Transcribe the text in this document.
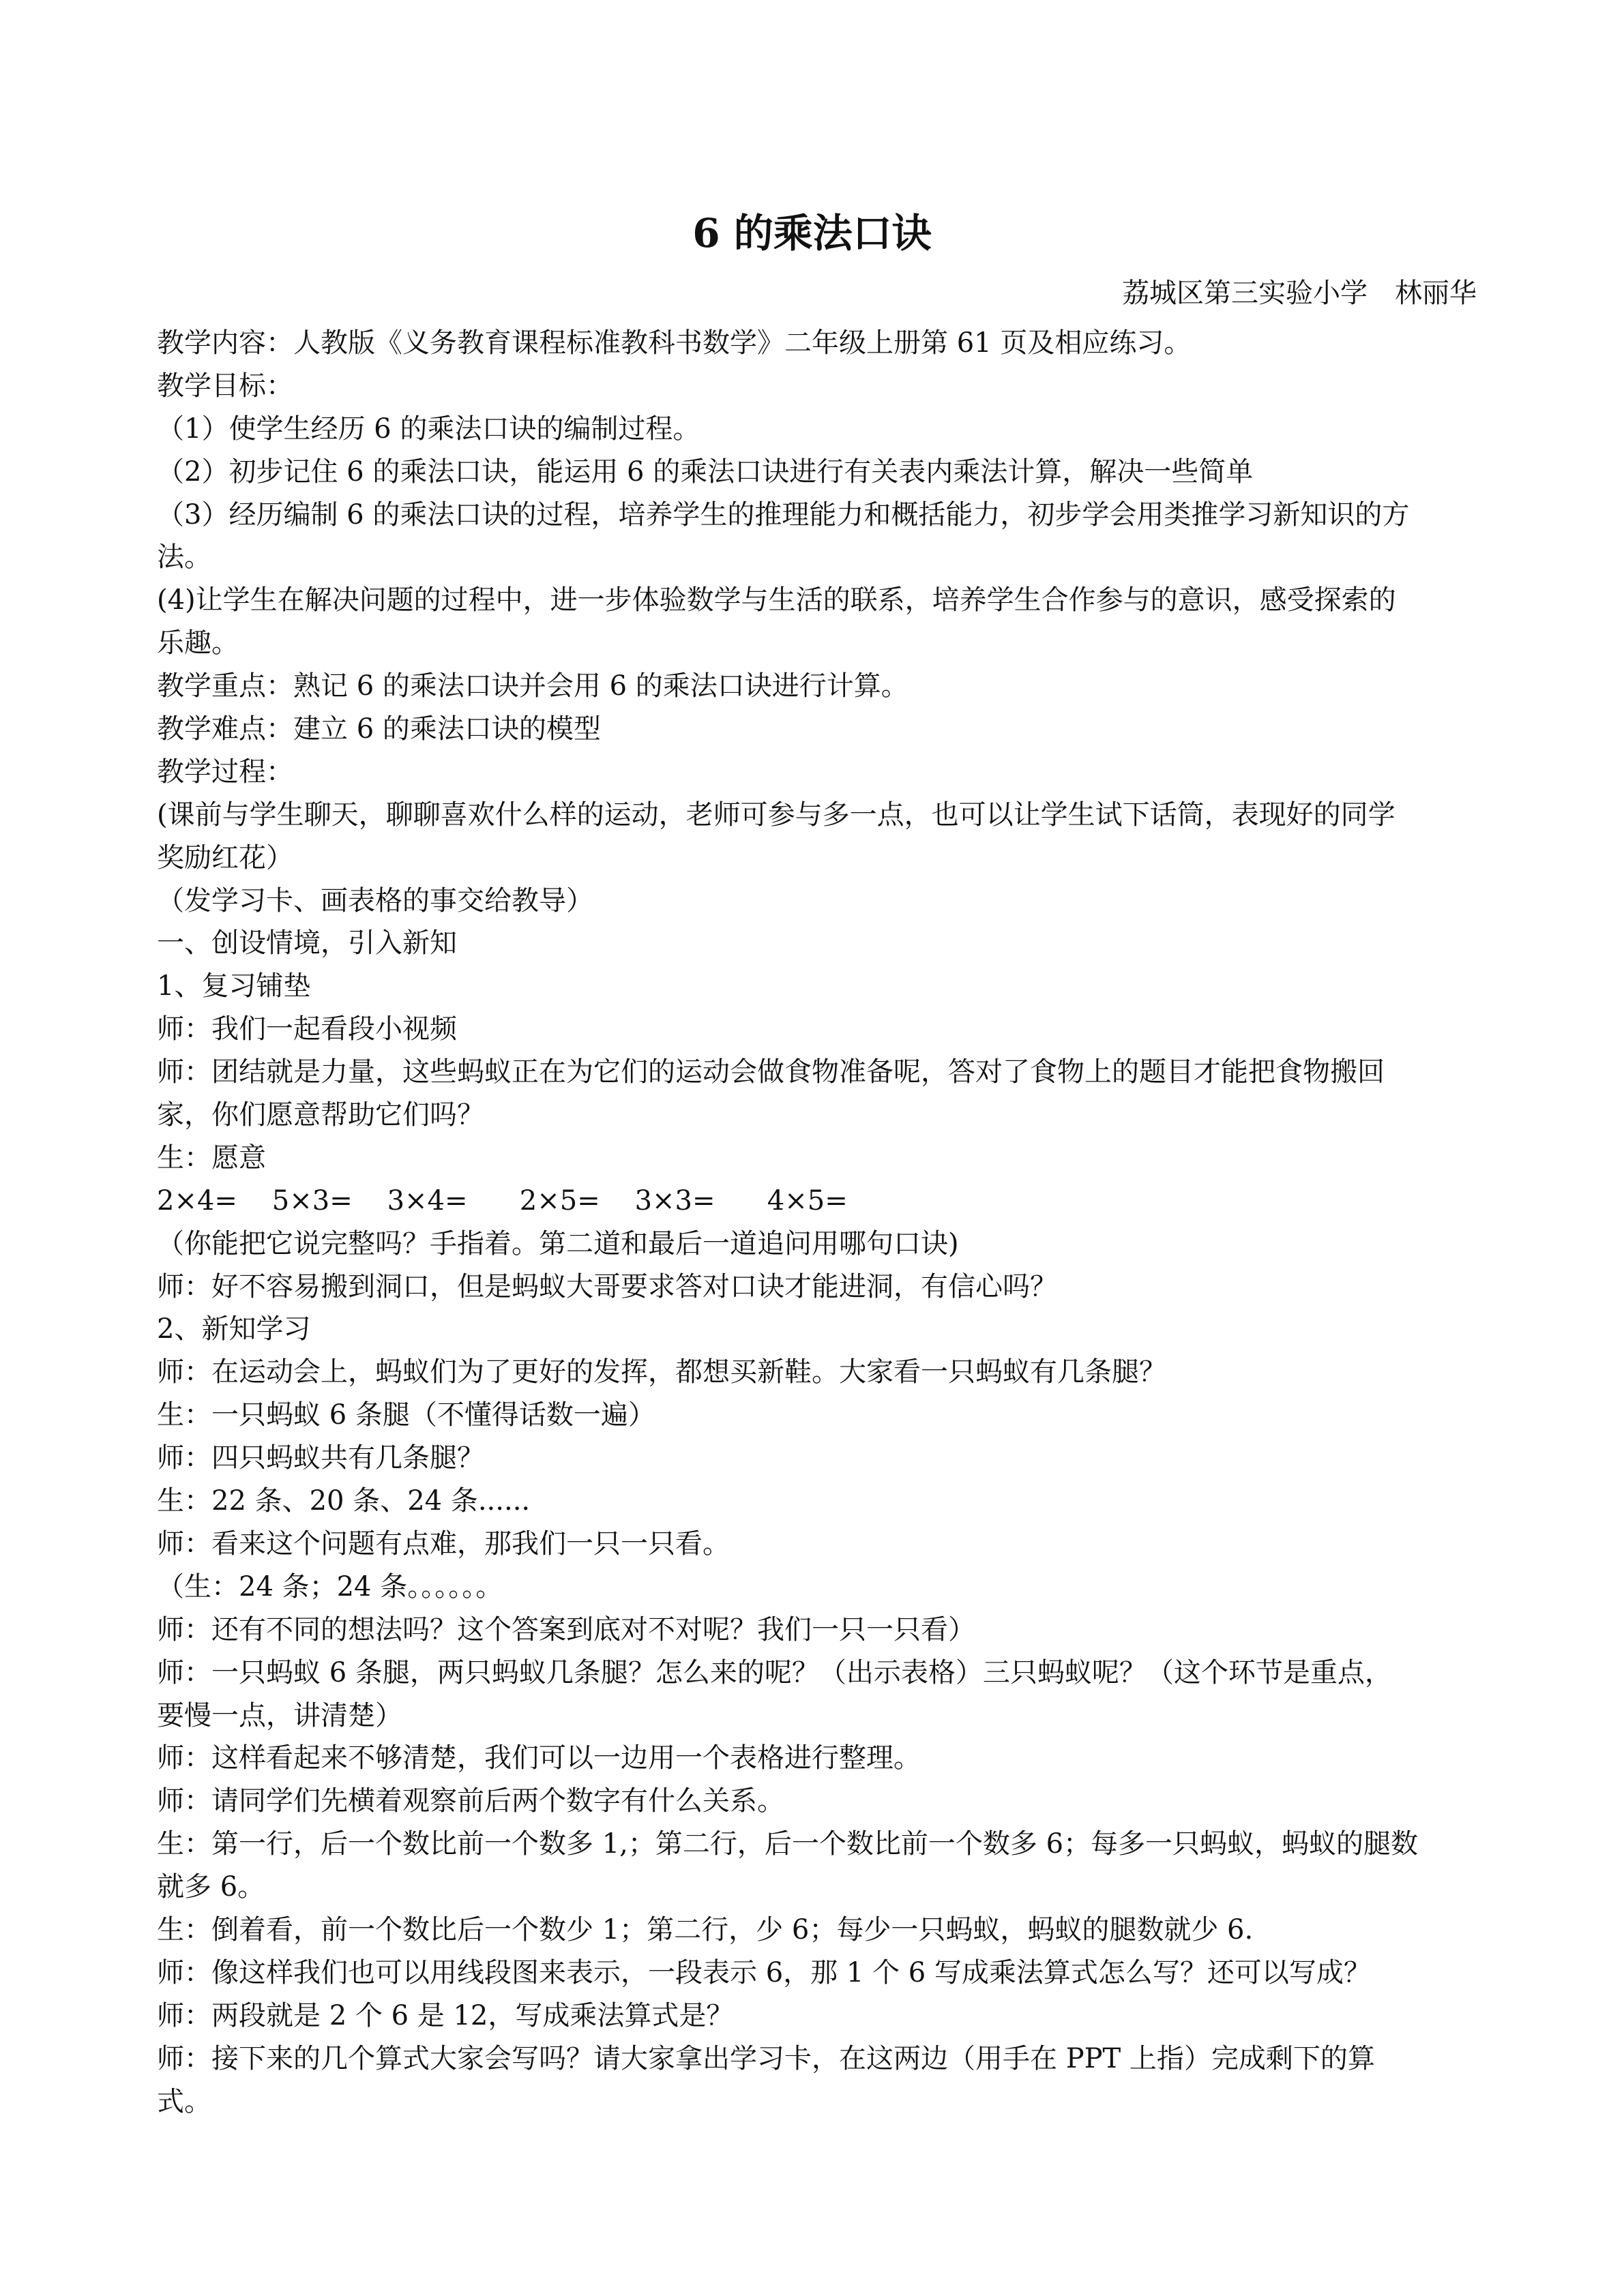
6 的乘法口诀
荔城区第三实验小学 林丽华
教学内容：人教版《义务教育课程标准教科书数学》二年级上册第 61 页及相应练习。
教学目标：
（1）使学生经历 6 的乘法口诀的编制过程。
（2）初步记住 6 的乘法口诀，能运用 6 的乘法口诀进行有关表内乘法计算，解决一些简单
（3）经历编制 6 的乘法口诀的过程，培养学生的推理能力和概括能力，初步学会用类推学习新知识的方
法。
(4)让学生在解决问题的过程中，进一步体验数学与生活的联系，培养学生合作参与的意识，感受探索的
乐趣。
教学重点：熟记 6 的乘法口诀并会用 6 的乘法口诀进行计算。
教学难点：建立 6 的乘法口诀的模型
教学过程：
(课前与学生聊天，聊聊喜欢什么样的运动，老师可参与多一点，也可以让学生试下话筒，表现好的同学
奖励红花）
（发学习卡、画表格的事交给教导）
一、创设情境，引入新知
1、复习铺垫
师：我们一起看段小视频
师：团结就是力量，这些蚂蚁正在为它们的运动会做食物准备呢，答对了食物上的题目才能把食物搬回
家，你们愿意帮助它们吗？
生：愿意
2×4=    5×3=    3×4=      2×5=    3×3=      4×5=
（你能把它说完整吗？手指着。第二道和最后一道追问用哪句口诀)
师：好不容易搬到洞口，但是蚂蚁大哥要求答对口诀才能进洞，有信心吗？
2、新知学习
师：在运动会上，蚂蚁们为了更好的发挥，都想买新鞋。大家看一只蚂蚁有几条腿？
生：一只蚂蚁 6 条腿（不懂得话数一遍）
师：四只蚂蚁共有几条腿？
生：22 条、20 条、24 条......
师：看来这个问题有点难，那我们一只一只看。
（生：24 条；24 条。。。。。。
师：还有不同的想法吗？这个答案到底对不对呢？我们一只一只看）
师：一只蚂蚁 6 条腿，两只蚂蚁几条腿？怎么来的呢？（出示表格）三只蚂蚁呢？（这个环节是重点，
要慢一点，讲清楚）
师：这样看起来不够清楚，我们可以一边用一个表格进行整理。
师：请同学们先横着观察前后两个数字有什么关系。
生：第一行，后一个数比前一个数多 1,；第二行，后一个数比前一个数多 6；每多一只蚂蚁，蚂蚁的腿数
就多 6。
生：倒着看，前一个数比后一个数少 1；第二行，少 6；每少一只蚂蚁，蚂蚁的腿数就少 6.
师：像这样我们也可以用线段图来表示，一段表示 6，那 1 个 6 写成乘法算式怎么写？还可以写成？
师：两段就是 2 个 6 是 12，写成乘法算式是？
师：接下来的几个算式大家会写吗？请大家拿出学习卡，在这两边（用手在 PPT 上指）完成剩下的算
式。
